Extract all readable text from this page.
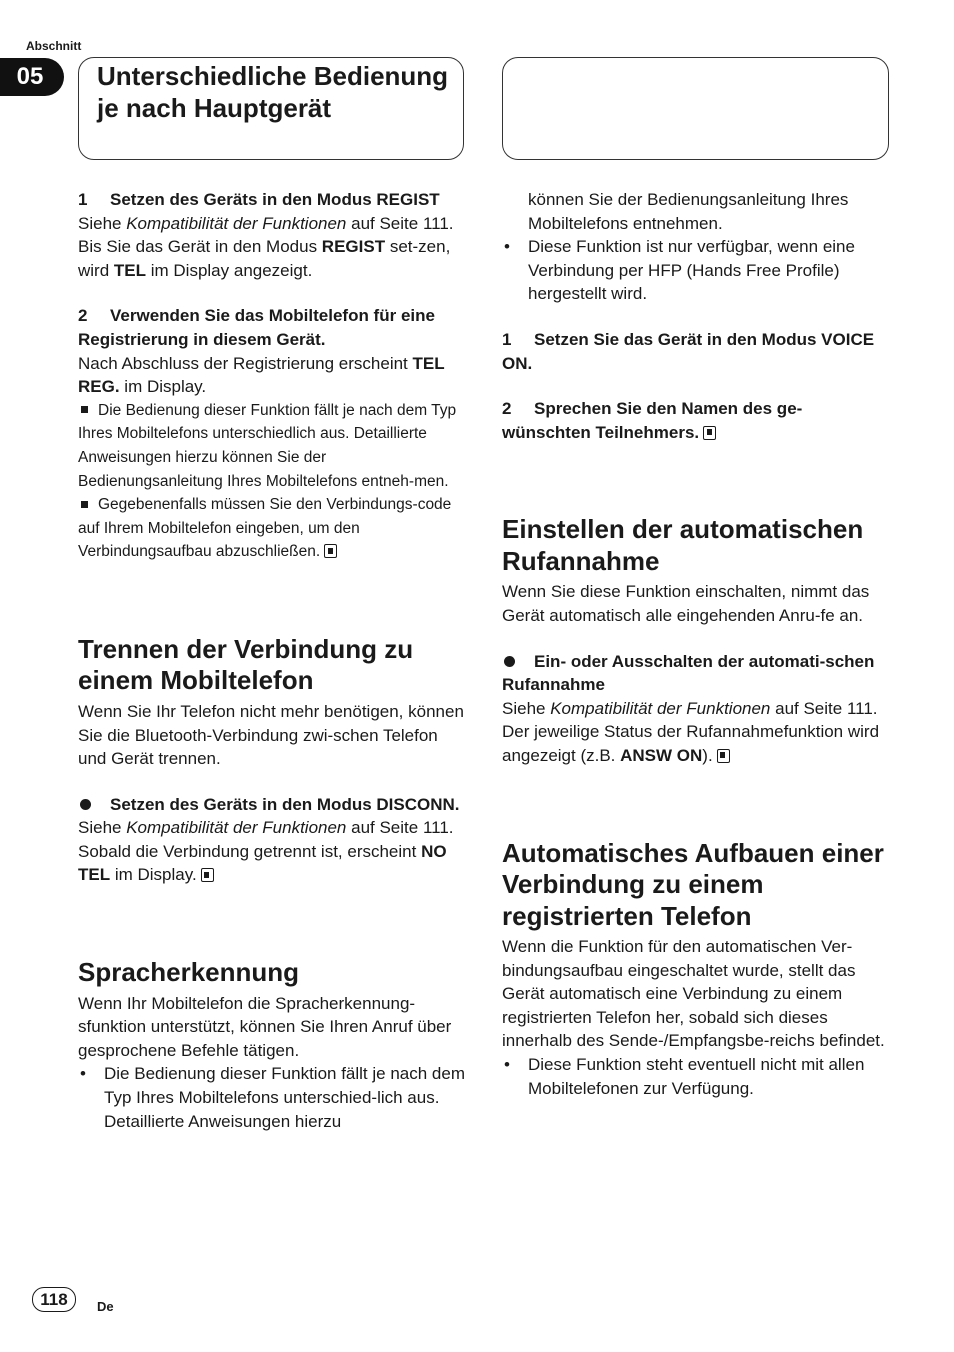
Abschnitt
05	Unterschiedliche Bedienung je nach Hauptgerät

1 Setzen des Geräts in den Modus REGIST

Siehe Kompatibilität der Funktionen auf Seite 111.

Bis Sie das Gerät in den Modus REGIST set-zen, wird TEL im Display angezeigt.

2 Verwenden Sie das Mobiltelefon für eine Registrierung in diesem Gerät.

Nach Abschluss der Registrierung erscheint TEL REG. im Display.

Die Bedienung dieser Funktion fällt je nach dem Typ Ihres Mobiltelefons unterschiedlich aus. Detaillierte Anweisungen hierzu können Sie der Bedienungsanleitung Ihres Mobiltelefons entneh-men.

Gegebenenfalls müssen Sie den Verbindungs-code auf Ihrem Mobiltelefon eingeben, um den Verbindungsaufbau abzuschließen.

Trennen der Verbindung zu einem Mobiltelefon

Wenn Sie Ihr Telefon nicht mehr benötigen, können Sie die Bluetooth-Verbindung zwi-schen Telefon und Gerät trennen.

Setzen des Geräts in den Modus DISCONN.

Siehe Kompatibilität der Funktionen auf Seite 111.

Sobald die Verbindung getrennt ist, erscheint NO TEL im Display.

Spracherkennung

Wenn Ihr Mobiltelefon die Spracherkennung-sfunktion unterstützt, können Sie Ihren Anruf über gesprochene Befehle tätigen.

• Die Bedienung dieser Funktion fällt je nach dem Typ Ihres Mobiltelefons unterschied-lich aus. Detaillierte Anweisungen hierzu

können Sie der Bedienungsanleitung Ihres Mobiltelefons entnehmen.

• Diese Funktion ist nur verfügbar, wenn eine Verbindung per HFP (Hands Free Profile) hergestellt wird.

1 Setzen Sie das Gerät in den Modus VOICE ON.

2 Sprechen Sie den Namen des ge-wünschten Teilnehmers.

Einstellen der automatischen Rufannahme

Wenn Sie diese Funktion einschalten, nimmt das Gerät automatisch alle eingehenden Anru-fe an.

Ein- oder Ausschalten der automati-schen Rufannahme

Siehe Kompatibilität der Funktionen auf Seite 111.

Der jeweilige Status der Rufannahmefunktion wird angezeigt (z.B. ANSW ON).

Automatisches Aufbauen einer Verbindung zu einem registrierten Telefon

Wenn die Funktion für den automatischen Ver-bindungsaufbau eingeschaltet wurde, stellt das Gerät automatisch eine Verbindung zu einem registrierten Telefon her, sobald sich dieses innerhalb des Sende-/Empfangsbe-reichs befindet.

• Diese Funktion steht eventuell nicht mit allen Mobiltelefonen zur Verfügung.

118	De
